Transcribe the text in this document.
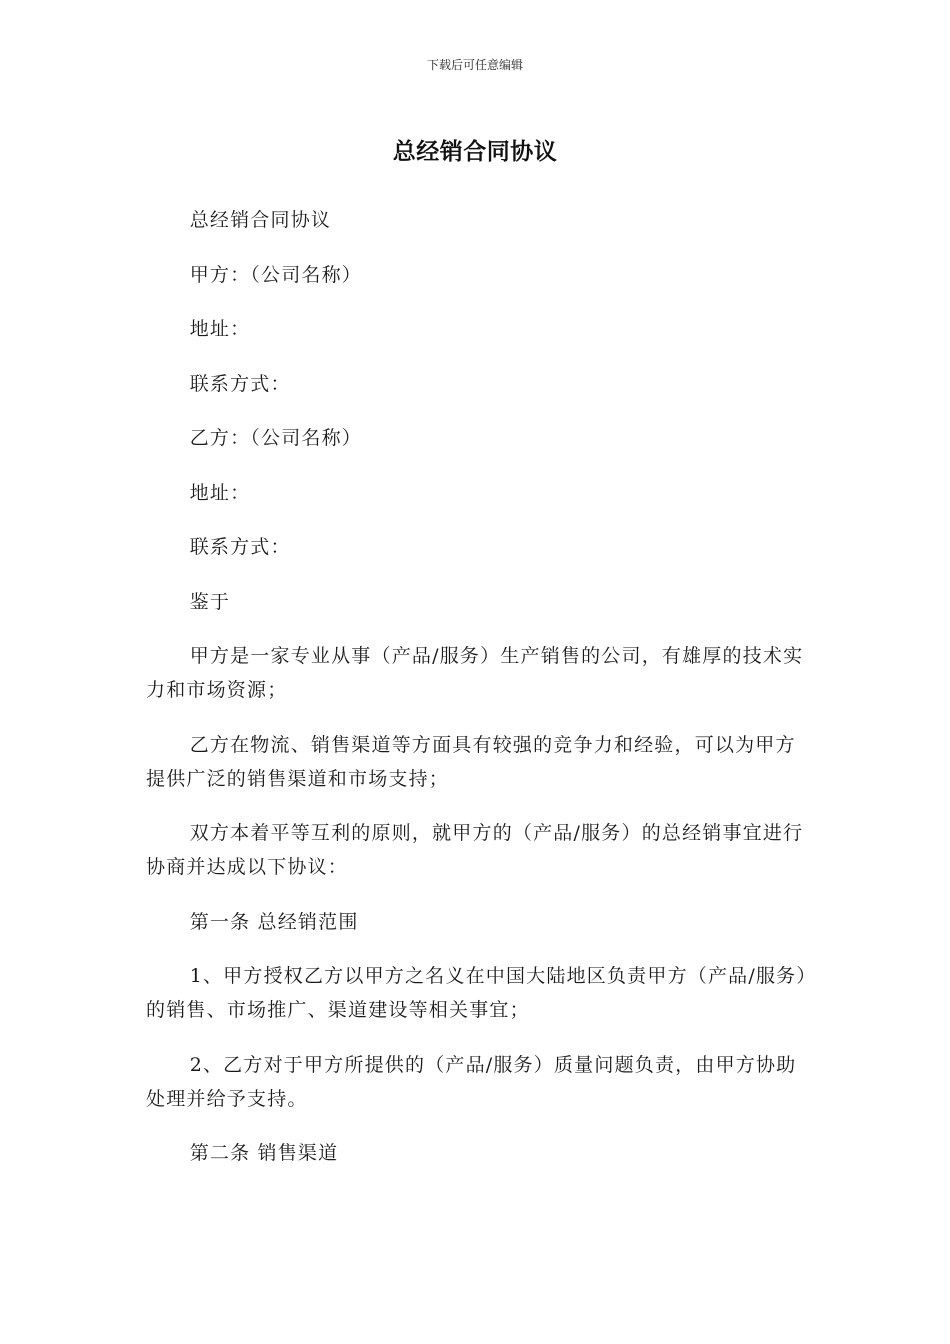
下载后可任意编辑
总经销合同协议

总经销合同协议

甲方：（公司名称）

地址：

联系方式：

乙方：（公司名称）

地址：

联系方式：

鉴于

甲方是一家专业从事（产品/服务）生产销售的公司，有雄厚的技术实力和市场资源；

乙方在物流、销售渠道等方面具有较强的竞争力和经验，可以为甲方提供广泛的销售渠道和市场支持；

双方本着平等互利的原则，就甲方的（产品/服务）的总经销事宜进行协商并达成以下协议：

第一条 总经销范围

1、甲方授权乙方以甲方之名义在中国大陆地区负责甲方（产品/服务）的销售、市场推广、渠道建设等相关事宜；

2、乙方对于甲方所提供的（产品/服务）质量问题负责，由甲方协助处理并给予支持。

第二条 销售渠道
